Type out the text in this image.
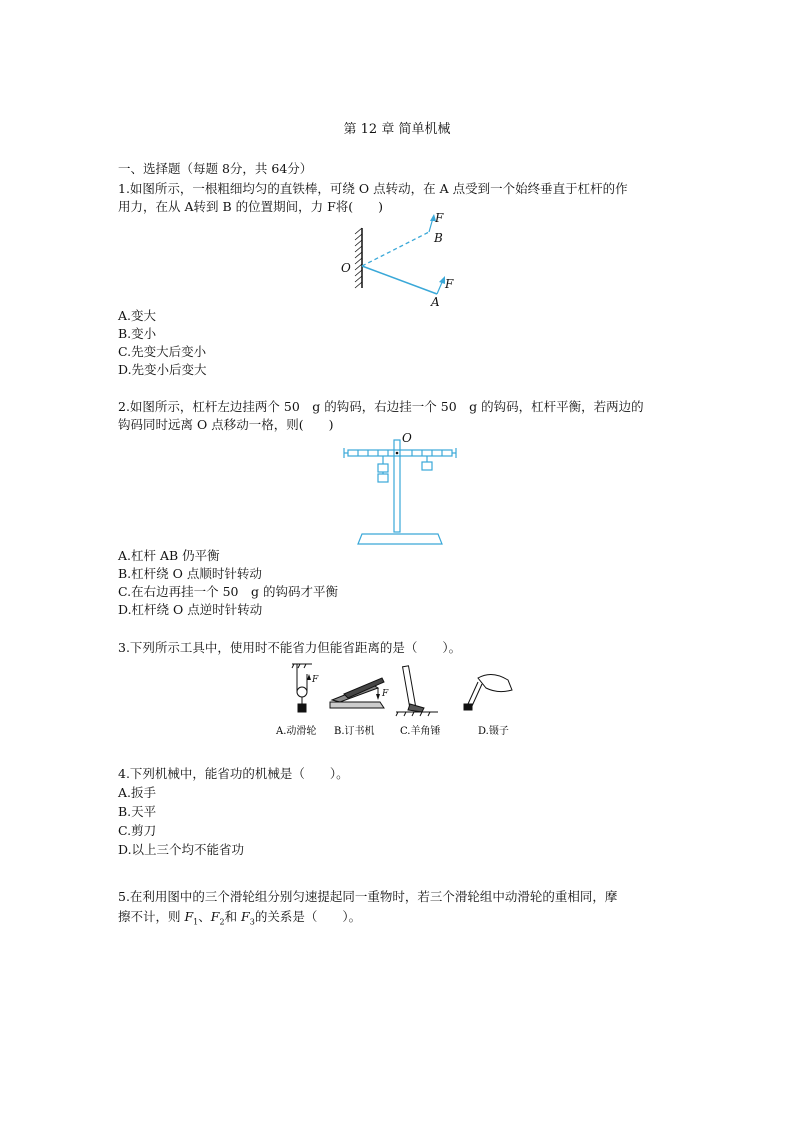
第 12 章 简单机械
一、选择题（每题 8分，共 64分）
1.如图所示，一根粗细均匀的直铁棒，可绕 O 点转动，在 A 点受到一个始终垂直于杠杆的作
用力，在从 A转到 B 的位置期间，力 F将(　　)
F
B
O
F
A
A.变大
B.变小
C.先变大后变小
D.先变小后变大
2.如图所示，杠杆左边挂两个 50　g 的钩码，右边挂一个 50　g 的钩码，杠杆平衡，若两边的
钩码同时远离 O 点移动一格，则(　　)
O
A.杠杆 AB 仍平衡
B.杠杆绕 O 点顺时针转动
C.在右边再挂一个 50　g 的钩码才平衡
D.杠杆绕 O 点逆时针转动
3.下列所示工具中，使用时不能省力但能省距离的是（　　）。
F
F
A.动滑轮 B.订书机	C.羊角锤	D.镊子
4.下列机械中，能省功的机械是（　　）。
A.扳手
B.天平
C.剪刀
D.以上三个均不能省功
5.在利用图中的三个滑轮组分别匀速提起同一重物时，若三个滑轮组中动滑轮的重相同，摩
擦不计，则 $F_1$、$F_2$和 $F_3$的关系是（　　）。
